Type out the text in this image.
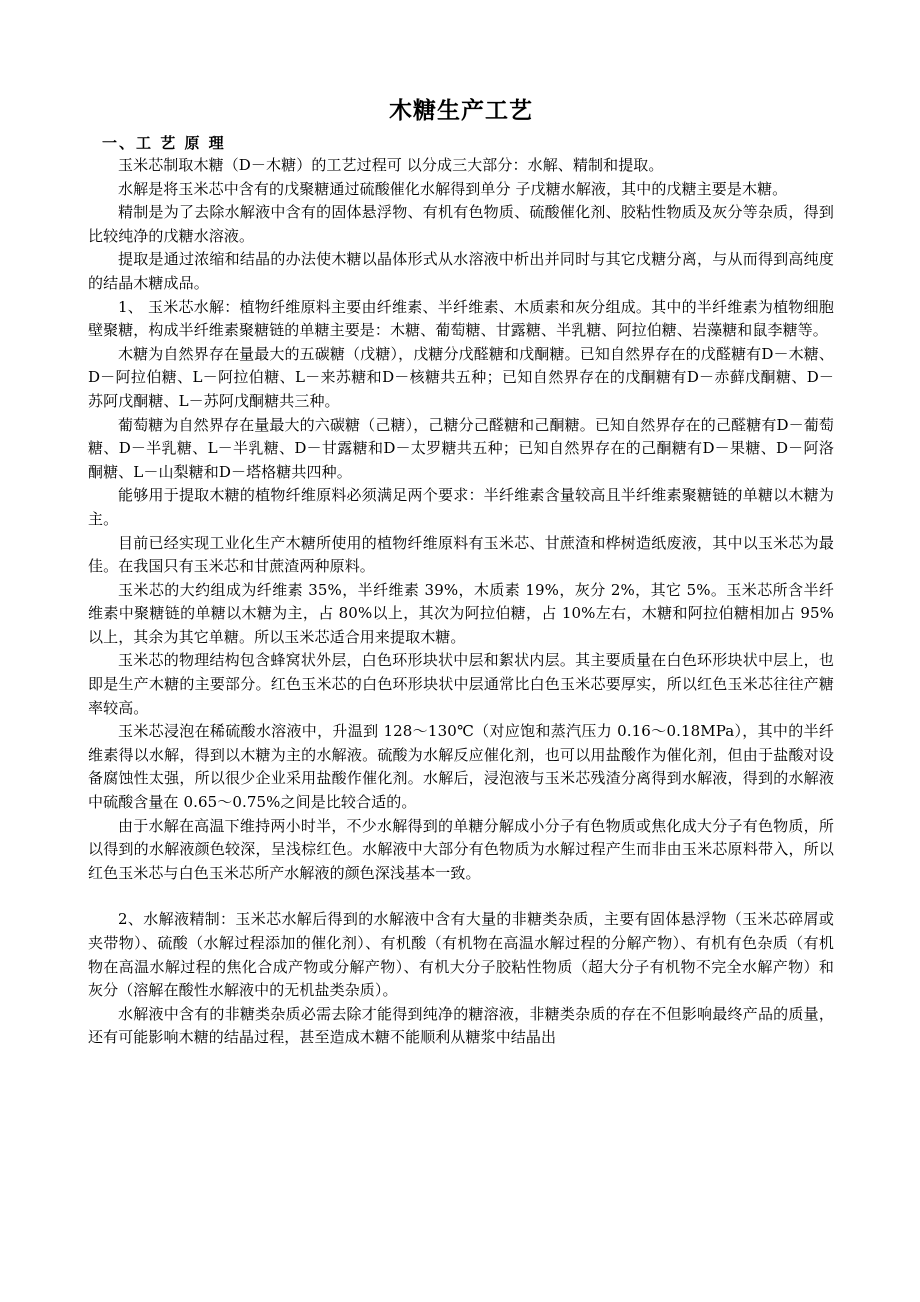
木糖生产工艺
一、工 艺 原 理

玉米芯制取木糖（D－木糖）的工艺过程可 以分成三大部分：水解、精制和提取。

水解是将玉米芯中含有的戊聚糖通过硫酸催化水解得到单分 子戊糖水解液，其中的戊糖主要是木糖。

精制是为了去除水解液中含有的固体悬浮物、有机有色物质、硫酸催化剂、胶粘性物质及灰分等杂质，得到比较纯净的戊糖水溶液。

提取是通过浓缩和结晶的办法使木糖以晶体形式从水溶液中析出并同时与其它戊糖分离，与从而得到高纯度的结晶木糖成品。

1、 玉米芯水解：植物纤维原料主要由纤维素、半纤维素、木质素和灰分组成。其中的半纤维素为植物细胞壁聚糖，构成半纤维素聚糖链的单糖主要是：木糖、葡萄糖、甘露糖、半乳糖、阿拉伯糖、岩藻糖和鼠李糖等。

木糖为自然界存在量最大的五碳糖（戊糖），戊糖分戊醛糖和戊酮糖。已知自然界存在的戊醛糖有D－木糖、D－阿拉伯糖、L－阿拉伯糖、L－来苏糖和D－核糖共五种；已知自然界存在的戊酮糖有D－赤藓戊酮糖、D－苏阿戊酮糖、L－苏阿戊酮糖共三种。

葡萄糖为自然界存在量最大的六碳糖（己糖），己糖分己醛糖和己酮糖。已知自然界存在的己醛糖有D－葡萄糖、D－半乳糖、L－半乳糖、D－甘露糖和D－太罗糖共五种；已知自然界存在的己酮糖有D－果糖、D－阿洛酮糖、L－山梨糖和D－塔格糖共四种。

能够用于提取木糖的植物纤维原料必须满足两个要求：半纤维素含量较高且半纤维素聚糖链的单糖以木糖为主。

目前已经实现工业化生产木糖所使用的植物纤维原料有玉米芯、甘蔗渣和桦树造纸废液，其中以玉米芯为最佳。在我国只有玉米芯和甘蔗渣两种原料。

玉米芯的大约组成为纤维素 35%，半纤维素 39%，木质素 19%，灰分 2%，其它 5%。玉米芯所含半纤维素中聚糖链的单糖以木糖为主，占 80%以上，其次为阿拉伯糖，占 10%左右，木糖和阿拉伯糖相加占 95%以上，其余为其它单糖。所以玉米芯适合用来提取木糖。

玉米芯的物理结构包含蜂窝状外层，白色环形块状中层和絮状内层。其主要质量在白色环形块状中层上，也即是生产木糖的主要部分。红色玉米芯的白色环形块状中层通常比白色玉米芯要厚实，所以红色玉米芯往往产糖率较高。

玉米芯浸泡在稀硫酸水溶液中，升温到 128～130℃（对应饱和蒸汽压力 0.16～0.18MPa），其中的半纤维素得以水解，得到以木糖为主的水解液。硫酸为水解反应催化剂，也可以用盐酸作为催化剂，但由于盐酸对设备腐蚀性太强，所以很少企业采用盐酸作催化剂。水解后，浸泡液与玉米芯残渣分离得到水解液，得到的水解液中硫酸含量在 0.65～0.75%之间是比较合适的。

由于水解在高温下维持两小时半，不少水解得到的单糖分解成小分子有色物质或焦化成大分子有色物质，所以得到的水解液颜色较深，呈浅棕红色。水解液中大部分有色物质为水解过程产生而非由玉米芯原料带入，所以红色玉米芯与白色玉米芯所产水解液的颜色深浅基本一致。

2、水解液精制：玉米芯水解后得到的水解液中含有大量的非糖类杂质，主要有固体悬浮物（玉米芯碎屑或夹带物）、硫酸（水解过程添加的催化剂）、有机酸（有机物在高温水解过程的分解产物）、有机有色杂质（有机物在高温水解过程的焦化合成产物或分解产物）、有机大分子胶粘性物质（超大分子有机物不完全水解产物）和灰分（溶解在酸性水解液中的无机盐类杂质）。

水解液中含有的非糖类杂质必需去除才能得到纯净的糖溶液，非糖类杂质的存在不但影响最终产品的质量，还有可能影响木糖的结晶过程，甚至造成木糖不能顺利从糖浆中结晶出
